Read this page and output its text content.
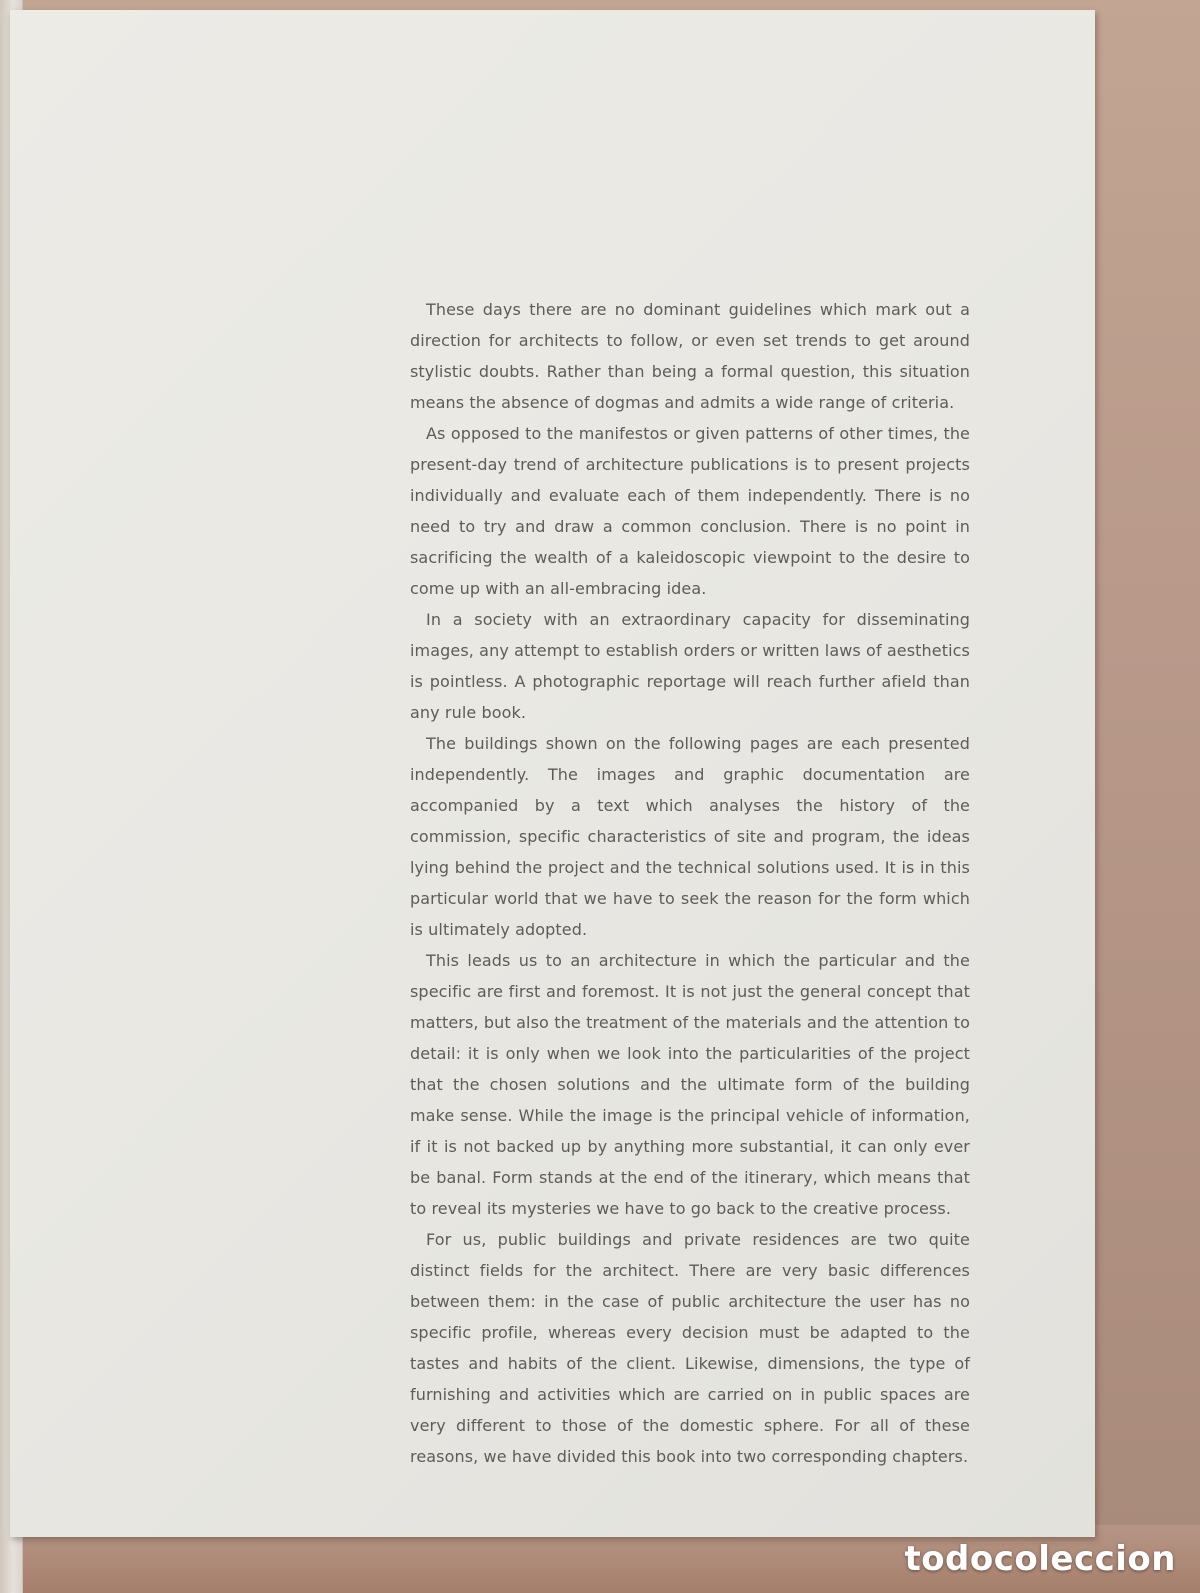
These days there are no dominant guidelines which mark out a direction for architects to follow, or even set trends to get around stylistic doubts. Rather than being a formal question, this situation means the absence of dogmas and admits a wide range of criteria.

As opposed to the manifestos or given patterns of other times, the present-day trend of architecture publications is to present projects individually and evaluate each of them independently. There is no need to try and draw a common conclusion. There is no point in sacrificing the wealth of a kaleidoscopic viewpoint to the desire to come up with an all-embracing idea.

In a society with an extraordinary capacity for disseminating images, any attempt to establish orders or written laws of aesthetics is pointless. A photographic reportage will reach further afield than any rule book.

The buildings shown on the following pages are each presented independently. The images and graphic documentation are accompanied by a text which analyses the history of the commission, specific characteristics of site and program, the ideas lying behind the project and the technical solutions used. It is in this particular world that we have to seek the reason for the form which is ultimately adopted.

This leads us to an architecture in which the particular and the specific are first and foremost. It is not just the general concept that matters, but also the treatment of the materials and the attention to detail: it is only when we look into the particularities of the project that the chosen solutions and the ultimate form of the building make sense. While the image is the principal vehicle of information, if it is not backed up by anything more substantial, it can only ever be banal. Form stands at the end of the itinerary, which means that to reveal its mysteries we have to go back to the creative process.

For us, public buildings and private residences are two quite distinct fields for the architect. There are very basic differences between them: in the case of public architecture the user has no specific profile, whereas every decision must be adapted to the tastes and habits of the client. Likewise, dimensions, the type of furnishing and activities which are carried on in public spaces are very different to those of the domestic sphere. For all of these reasons, we have divided this book into two corresponding chapters.

todocoleccion
